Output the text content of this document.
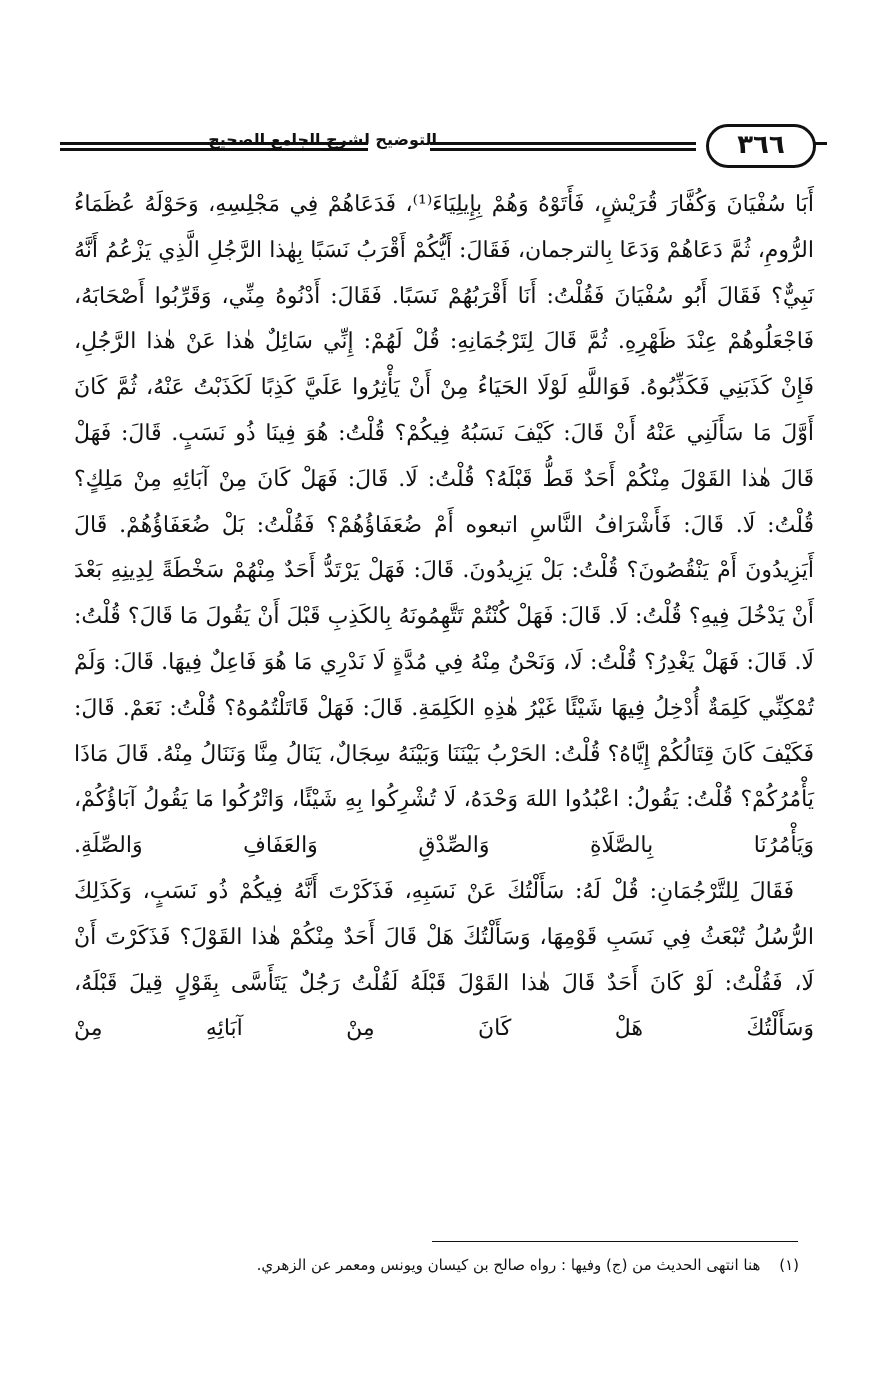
التوضيح لشرح الجامع الصحيح	٣٦٦

أَبَا سُفْيَانَ وَكُفَّارَ قُرَيْشٍ، فَأَتَوْهُ وَهُمْ بِإِيلِيَاءَ⁽¹⁾، فَدَعَاهُمْ فِي مَجْلِسِهِ، وَحَوْلَهُ عُظَمَاءُ الرُّومِ، ثُمَّ دَعَاهُمْ وَدَعَا بِالترجمان، فَقَالَ: أَيُّكُمْ أَقْرَبُ نَسَبًا بِهٰذا الرَّجُلِ الَّذِي يَزْعُمُ أَنَّهُ نَبِيٌّ؟ فَقَالَ أَبُو سُفْيَانَ فَقُلْتُ: أَنَا أَقْرَبُهُمْ نَسَبًا. فَقَالَ: أَدْنُوهُ مِنِّي، وَقَرِّبُوا أَصْحَابَهُ، فَاجْعَلُوهُمْ عِنْدَ ظَهْرِهِ. ثُمَّ قَالَ لِتَرْجُمَانِهِ: قُلْ لَهُمْ: إِنِّي سَائِلٌ هٰذا عَنْ هٰذا الرَّجُلِ، فَإِنْ كَذَبَنِي فَكَذِّبُوهُ. فَوَاللَّهِ لَوْلَا الحَيَاءُ مِنْ أَنْ يَأْثِرُوا عَلَيَّ كَذِبًا لَكَذَبْتُ عَنْهُ، ثُمَّ كَانَ أَوَّلَ مَا سَأَلَنِي عَنْهُ أَنْ قَالَ: كَيْفَ نَسَبُهُ فِيكُمْ؟ قُلْتُ: هُوَ فِينَا ذُو نَسَبٍ. قَالَ: فَهَلْ قَالَ هٰذا القَوْلَ مِنْكُمْ أَحَدٌ قَطُّ قَبْلَهُ؟ قُلْتُ: لَا. قَالَ: فَهَلْ كَانَ مِنْ آبَائِهِ مِنْ مَلِكٍ؟ قُلْتُ: لَا. قَالَ: فَأَشْرَافُ النَّاسِ اتبعوه أَمْ ضُعَفَاؤُهُمْ؟ فَقُلْتُ: بَلْ ضُعَفَاؤُهُمْ. قَالَ أَيَزِيدُونَ أَمْ يَنْقُصُونَ؟ قُلْتُ: بَلْ يَزِيدُونَ. قَالَ: فَهَلْ يَرْتَدُّ أَحَدٌ مِنْهُمْ سَخْطَةً لِدِينِهِ بَعْدَ أَنْ يَدْخُلَ فِيهِ؟ قُلْتُ: لَا. قَالَ: فَهَلْ كُنْتُمْ تَتَّهِمُونَهُ بِالكَذِبِ قَبْلَ أَنْ يَقُولَ مَا قَالَ؟ قُلْتُ: لَا. قَالَ: فَهَلْ يَغْدِرُ؟ قُلْتُ: لَا، وَنَحْنُ مِنْهُ فِي مُدَّةٍ لَا نَدْرِي مَا هُوَ فَاعِلٌ فِيهَا. قَالَ: وَلَمْ تُمْكِنِّي كَلِمَةٌ أُدْخِلُ فِيهَا شَيْئًا غَيْرُ هٰذِهِ الكَلِمَةِ. قَالَ: فَهَلْ قَاتَلْتُمُوهُ؟ قُلْتُ: نَعَمْ. قَالَ: فَكَيْفَ كَانَ قِتَالُكُمْ إِيَّاهُ؟ قُلْتُ: الحَرْبُ بَيْنَنَا وَبَيْنَهُ سِجَالٌ، يَنَالُ مِنَّا وَنَنَالُ مِنْهُ. قَالَ مَاذَا يَأْمُرُكُمْ؟ قُلْتُ: يَقُولُ: اعْبُدُوا اللهَ وَحْدَهُ، لَا تُشْرِكُوا بِهِ شَيْئًا، وَاتْرُكُوا مَا يَقُولُ آبَاؤُكُمْ، وَيَأْمُرُنَا بِالصَّلَاةِ وَالصِّدْقِ وَالعَفَافِ وَالصِّلَةِ.

فَقَالَ لِلتَّرْجُمَانِ: قُلْ لَهُ: سَأَلْتُكَ عَنْ نَسَبِهِ، فَذَكَرْتَ أَنَّهُ فِيكُمْ ذُو نَسَبٍ، وَكَذَلِكَ الرُّسُلُ تُبْعَثُ فِي نَسَبِ قَوْمِهَا، وَسَأَلْتُكَ هَلْ قَالَ أَحَدٌ مِنْكُمْ هٰذا القَوْلَ؟ فَذَكَرْتَ أَنْ لَا، فَقُلْتُ: لَوْ كَانَ أَحَدٌ قَالَ هٰذا القَوْلَ قَبْلَهُ لَقُلْتُ رَجُلٌ يَتَأَسَّى بِقَوْلٍ قِيلَ قَبْلَهُ، وَسَأَلْتُكَ هَلْ كَانَ مِنْ آبَائِهِ مِنْ

(١) هنا انتهى الحديث من (ج) وفيها : رواه صالح بن كيسان ويونس ومعمر عن الزهري.
